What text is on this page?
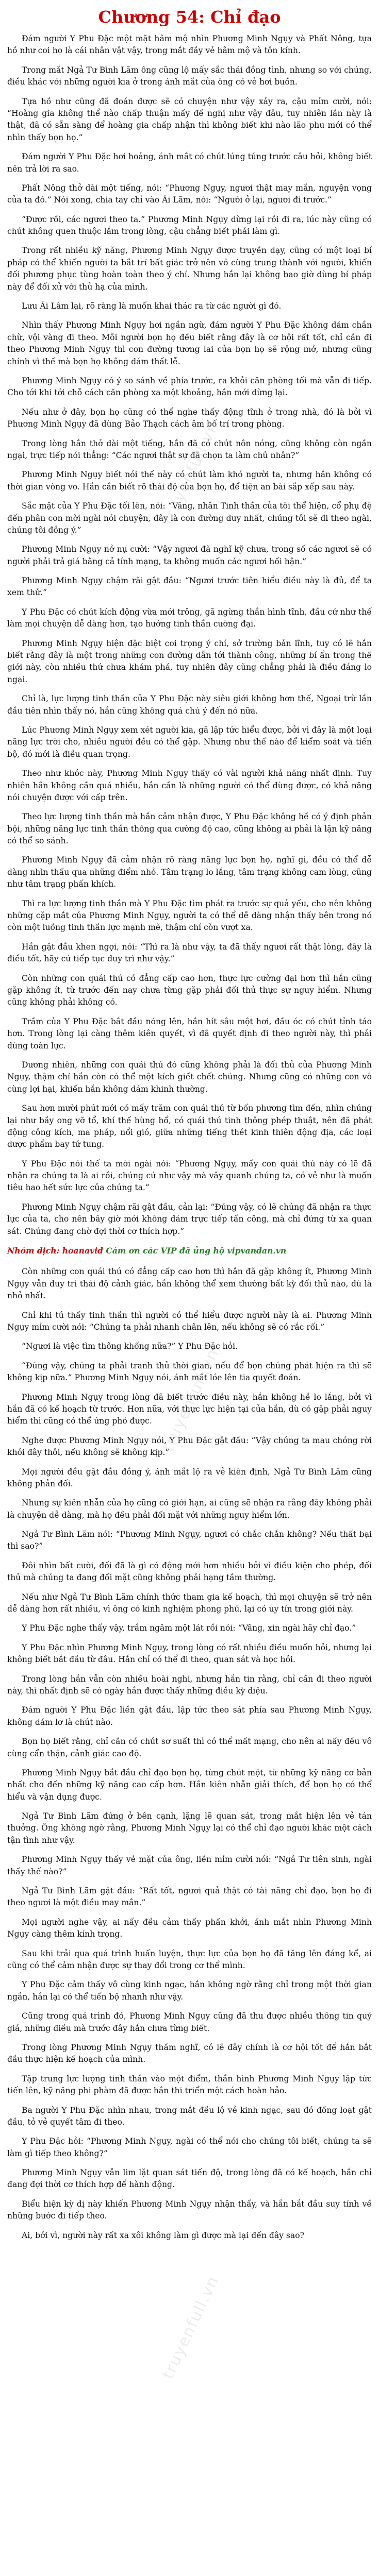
truyenfull.vn
truyenfull.vn
truyenfull.vn
Chương 54: Chỉ đạo

Đám người Y Phu Đặc một mặt hâm mộ nhìn Phương Minh Ngụy và Phất Nông, tựa hồ như coi họ là cái nhân vật vậy, trong mắt đầy vẻ hâm mộ và tôn kính.

Trong mắt Ngả Tư Bình Lãm ông cũng lộ mấy sắc thái đồng tình, nhưng so với chúng, điều khác với những người kia ở trong ánh mắt của ông có vẻ hơi buồn.

Tựa hồ như cũng đã đoán được sẽ có chuyện như vậy xảy ra, cậu mỉm cười, nói: “Hoàng gia không thể nào chấp thuận mấy đề nghị như vậy đâu, tuy nhiên lần này là thật, đã có sẵn sàng để hoàng gia chấp nhận thì không biết khi nào lão phu mới có thể nhìn thấy bọn họ.”

Đám người Y Phu Đặc hơi hoảng, ánh mắt có chút lúng túng trước câu hỏi, không biết nên trả lời ra sao.

Phất Nông thở dài một tiếng, nói: “Phương Ngụy, ngươi thật may mắn, nguyện vọng của ta đó.” Nói xong, chia tay chỉ vào Ái Lãm, nói: “Người ở lại, ngươi đi trước.”

“Được rồi, các ngươi theo ta.” Phương Minh Ngụy dừng lại rồi đi ra, lúc này cũng có chút không quen thuộc lắm trong lòng, cậu chẳng biết phải làm gì.

Trong rất nhiều kỹ năng, Phương Minh Ngụy được truyền dạy, cũng có một loại bí pháp có thể khiến người ta bắt trí bất giác trở nên vô cùng trung thành với người, khiến đối phương phục tùng hoàn toàn theo ý chí. Nhưng hắn lại không bao giờ dùng bí pháp này để đối xử với thủ hạ của mình.

Lưu Ái Lâm lại, rõ ràng là muốn khai thác ra từ các người gì đó.

Nhìn thấy Phương Minh Ngụy hơi ngần ngừ, đám người Y Phu Đặc không dám chần chừ, vội vàng đi theo. Mỗi người bọn họ đều biết rằng đây là cơ hội rất tốt, chỉ cần đi theo Phương Minh Ngụy thì con đường tương lai của bọn họ sẽ rộng mở, nhưng cũng chính vì thế mà bọn họ không dám thất lễ.

Phương Minh Ngụy có ý so sánh về phía trước, ra khỏi căn phòng tối mà vẫn đi tiếp. Cho tới khi tới chỗ cách căn phòng xa một khoảng, hắn mới dừng lại.

Nếu như ở đây, bọn họ cũng có thể nghe thấy động tĩnh ở trong nhà, đó là bởi vì Phương Minh Ngụy đã dùng Bảo Thạch cách âm bố trí trong phòng.

Trong lòng hắn thở dài một tiếng, hắn đã có chút nôn nóng, cũng không còn ngần ngại, trực tiếp nói thẳng: “Các ngươi thật sự đã chọn ta làm chủ nhân?”

Phương Minh Ngụy biết nói thế này có chút làm khó người ta, nhưng hắn không có thời gian vòng vo. Hắn cần biết rõ thái độ của bọn họ, để tiện an bài sắp xếp sau này.

Sắc mặt của Y Phu Đặc tối lên, nói: “Vâng, nhân Tinh thần của tôi thể hiện, cổ phụ đệ đến phân con mời ngài nói chuyện, đây là con đường duy nhất, chúng tôi sẽ đi theo ngài, chúng tôi đồng ý.”

Phương Minh Ngụy nở nụ cười: “Vậy ngươi đã nghĩ kỹ chưa, trong số các ngươi sẽ có người phải trả giá bằng cả tính mạng, ta không muốn các ngươi hối hận.”

Phương Minh Ngụy chậm rãi gật đầu: “Ngươi trước tiên hiểu điều này là đủ, để ta xem thử.”

Y Phu Đặc có chút kích động vừa mới trông, gã ngừng thần hình tĩnh, đầu cứ như thế làm mọi chuyện dễ dàng hơn, tạo hướng tinh thần cường đại.

Phương Minh Ngụy hiện đặc biệt coi trọng ý chí, sở trường bản lĩnh, tuy có lẽ hắn biết rằng đây là một trong những con đường dẫn tới thành công, những bí ẩn trong thế giới này, còn nhiều thứ chưa khám phá, tuy nhiên đây cũng chẳng phải là điều đáng lo ngại.

Chỉ là, lực lượng tinh thần của Y Phu Đặc này siêu giới không hơn thế, Ngoại trừ lần đầu tiên nhìn thấy nó, hắn cũng không quá chú ý đến nó nữa.

Lúc Phương Minh Ngụy xem xét người kia, gã lập tức hiểu được, bởi vì đây là một loại năng lực trời cho, nhiều người đều có thể gặp. Nhưng như thế nào để kiểm soát và tiến bộ, đó mới là điều quan trọng.

Theo như khóc này, Phương Minh Ngụy thấy có vài người khả năng nhất định. Tuy nhiên hắn không cần quá nhiều, hắn cần là những người có thể dùng được, có khả năng nói chuyện được với cấp trên.

Theo lực lượng tinh thần mà hắn cảm nhận được, Y Phu Đặc không hề có ý định phản bội, những năng lực tinh thần thông qua cường độ cao, cũng không ai phải là lặn kỹ năng có thể so sánh.

Phương Minh Ngụy đã cảm nhận rõ ràng năng lực bọn họ, nghĩ gì, đều có thể dễ dàng nhìn thấu qua những điểm nhỏ. Tâm trạng lo lắng, tâm trạng không cam lòng, cũng như tâm trạng phấn khích.

Thì ra lực lượng tinh thần mà Y Phu Đặc tìm phát ra trước sự quả yếu, cho nên không những cặp mắt của Phương Minh Ngụy, người ta có thể dễ dàng nhận thấy bên trong nó còn một luồng tinh thần lực mạnh mẽ, thậm chí còn vượt xa.

Hắn gật đầu khen ngợi, nói: “Thì ra là như vậy, ta đã thấy ngươi rất thật lòng, đây là điều tốt, hãy cứ tiếp tục duy trì như vậy.”

Còn những con quái thú có đẳng cấp cao hơn, thực lực cường đại hơn thì hắn cũng gặp không ít, từ trước đến nay chưa từng gặp phải đối thủ thực sự nguy hiểm. Nhưng cũng không phải không có.

Trầm của Y Phu Đặc bắt đầu nóng lên, hắn hít sâu một hơi, đầu óc có chút tỉnh táo hơn. Trong lòng lại càng thêm kiên quyết, vì đã quyết định đi theo người này, thì phải dùng toàn lực.

Dương nhiên, những con quái thú đó cũng không phải là đối thủ của Phương Minh Ngụy, thậm chí hắn còn có thể một kích giết chết chúng. Nhưng cũng có những con vô cùng lợi hại, khiến hắn không dám khinh thường.

Sau hơn mười phút mới có mấy trăm con quái thú từ bốn phương tìm đến, nhìn chúng lại như bầy ong vỡ tổ, khí thế hùng hổ, có quái thú tinh thông phép thuật, nên đã phát động công kích, ma pháp, nổi gió, giữa những tiếng thét kinh thiên động địa, các loại dược phẩm bay tứ tung.

Y Phu Đặc nói thế ta mời ngài nói: “Phương Ngụy, mấy con quái thú này có lẽ đã nhận ra chúng ta là ai rồi, chúng cứ như vậy mà vây quanh chúng ta, có vẻ như là muốn tiêu hao hết sức lực của chúng ta.”

Phương Minh Ngụy chậm rãi gật đầu, cản lại: “Đúng vậy, có lẽ chúng đã nhận ra thực lực của ta, cho nên bây giờ mới không dám trực tiếp tấn công, mà chỉ đứng từ xa quan sát. Chúng đang chờ đợi thời cơ thích hợp.”

Nhóm dịch: hoanavid Cám ơn các VIP đã ủng hộ vipvandan.vn

Còn những con quái thú có đẳng cấp cao hơn thì hắn đã gặp không ít, Phương Minh Ngụy vẫn duy trì thái độ cảnh giác, hắn không thể xem thường bất kỳ đối thủ nào, dù là nhỏ nhất.

Chỉ khi tú thấy tinh thần thì người có thể hiểu được người này là ai. Phương Minh Ngụy mỉm cười nói: “Chúng ta phải nhanh chân lên, nếu không sẽ có rắc rối.”

“Ngươi là việc tìm thông khống nữa?” Y Phu Đặc hỏi.

“Đúng vậy, chúng ta phải tranh thủ thời gian, nếu để bọn chúng phát hiện ra thì sẽ không kịp nữa.” Phương Minh Ngụy nói, ánh mắt lóe lên tia quyết đoán.

Phương Minh Ngụy trong lòng đã biết trước điều này, hắn không hề lo lắng, bởi vì hắn đã có kế hoạch từ trước. Hơn nữa, với thực lực hiện tại của hắn, dù có gặp phải nguy hiểm thì cũng có thể ứng phó được.

Nghe được Phương Minh Ngụy nói, Y Phu Đặc gật đầu: “Vậy chúng ta mau chóng rời khỏi đây thôi, nếu không sẽ không kịp.”

Mọi người đều gật đầu đồng ý, ánh mắt lộ ra vẻ kiên định, Ngả Tư Bình Lãm cũng không phản đối.

Nhưng sự kiên nhẫn của họ cũng có giới hạn, ai cũng sẽ nhận ra rằng đây không phải là chuyện dễ dàng, mà họ đều phải đối mặt với những nguy hiểm lớn.

Ngả Tư Bình Lãm nói: “Phương Minh Ngụy, ngươi có chắc chắn không? Nếu thất bại thì sao?”

Đôi nhìn bất cười, đối đã là gì có động mới hơn nhiều bởi vì điều kiện cho phép, đối thủ mà chúng ta đang đối mặt cũng không phải hạng tầm thường.

Nếu như Ngả Tư Bình Lãm chính thức tham gia kế hoạch, thì mọi chuyện sẽ trở nên dễ dàng hơn rất nhiều, vì ông có kinh nghiệm phong phú, lại có uy tín trong giới này.

Y Phu Đặc nghe thấy vậy, trầm ngâm một lát rồi nói: “Vâng, xin ngài hãy chỉ đạo.”

Y Phu Đặc nhìn Phương Minh Ngụy, trong lòng có rất nhiều điều muốn hỏi, nhưng lại không biết bắt đầu từ đâu. Hắn chỉ có thể đi theo, quan sát và học hỏi.

Trong lòng hắn vẫn còn nhiều hoài nghi, nhưng hắn tin rằng, chỉ cần đi theo người này, thì nhất định sẽ có ngày hắn được thấy những điều kỳ diệu.

Đám người Y Phu Đặc liền gật đầu, lập tức theo sát phía sau Phương Minh Ngụy, không dám lơ là chút nào.

Bọn họ biết rằng, chỉ cần có chút sơ suất thì có thể mất mạng, cho nên ai nấy đều vô cùng cẩn thận, cảnh giác cao độ.

Phương Minh Ngụy bắt đầu chỉ đạo bọn họ, từng chút một, từ những kỹ năng cơ bản nhất cho đến những kỹ năng cao cấp hơn. Hắn kiên nhẫn giải thích, để bọn họ có thể hiểu và vận dụng được.

Ngả Tư Bình Lãm đứng ở bên cạnh, lặng lẽ quan sát, trong mắt hiện lên vẻ tán thưởng. Ông không ngờ rằng, Phương Minh Ngụy lại có thể chỉ đạo người khác một cách tận tình như vậy.

Phương Minh Ngụy thấy vẻ mặt của ông, liền mỉm cười nói: “Ngả Tư tiên sinh, ngài thấy thế nào?”

Ngả Tư Bình Lãm gật đầu: “Rất tốt, ngươi quả thật có tài năng chỉ đạo, bọn họ đi theo ngươi là một điều may mắn.”

Mọi người nghe vậy, ai nấy đều cảm thấy phấn khởi, ánh mắt nhìn Phương Minh Ngụy càng thêm kính trọng.

Sau khi trải qua quá trình huấn luyện, thực lực của bọn họ đã tăng lên đáng kể, ai cũng có thể cảm nhận được sự thay đổi trong cơ thể mình.

Y Phu Đặc cảm thấy vô cùng kinh ngạc, hắn không ngờ rằng chỉ trong một thời gian ngắn, hắn lại có thể tiến bộ nhanh như vậy.

Cũng trong quá trình đó, Phương Minh Ngụy cũng đã thu được nhiều thông tin quý giá, những điều mà trước đây hắn chưa từng biết.

Trong lòng Phương Minh Ngụy thầm nghĩ, có lẽ đây chính là cơ hội tốt để hắn bắt đầu thực hiện kế hoạch của mình.

Tập trung lực lượng tinh thần vào một điểm, thần hình Phương Minh Ngụy lập tức tiến lên, kỹ năng phi phàm đã được hắn thi triển một cách hoàn hảo.

Ba người Y Phu Đặc nhìn nhau, trong mắt đều lộ vẻ kinh ngạc, sau đó đồng loạt gật đầu, tỏ vẻ quyết tâm đi theo.

Y Phu Đặc hỏi: “Phương Minh Ngụy, ngài có thể nói cho chúng tôi biết, chúng ta sẽ làm gì tiếp theo không?”

Phương Minh Ngụy vẫn lim lặt quan sát tiến độ, trong lòng đã có kế hoạch, hắn chỉ đang đợi thời cơ thích hợp để hành động.

Biểu hiện kỳ dị này khiến Phương Minh Ngụy nhận thấy, và hắn bắt đầu suy tính về những bước đi tiếp theo.

Ai, bởi vì, người này rất xa xôi không làm gì được mà lại đến đây sao?
